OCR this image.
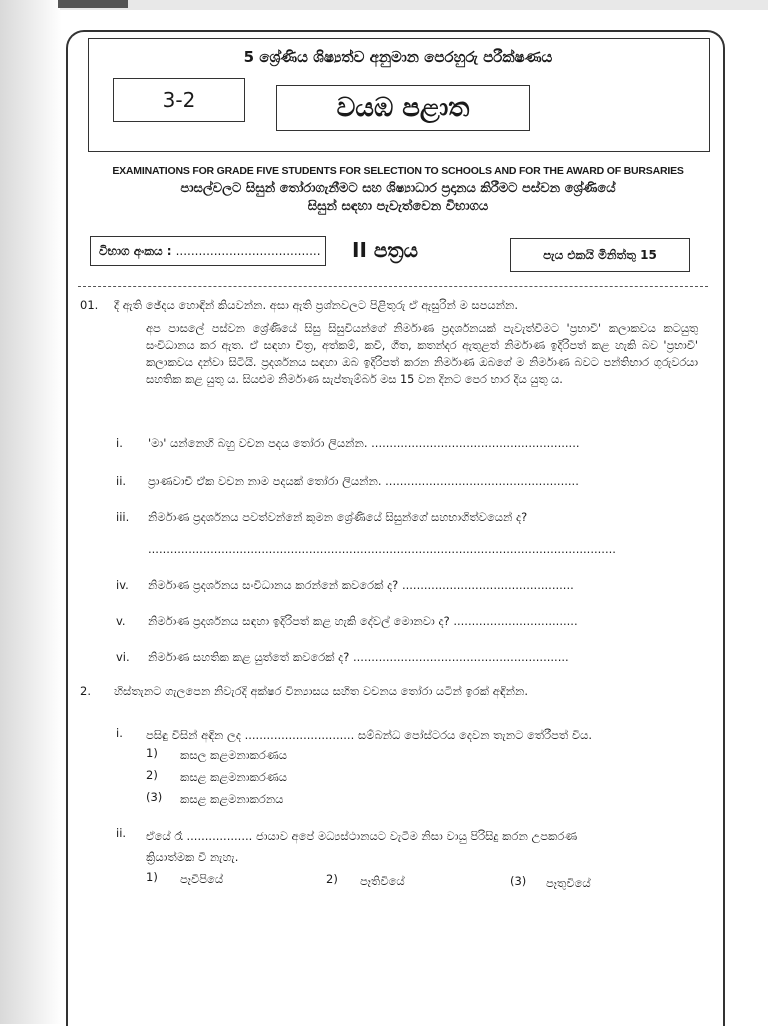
5 ශ්‍රේණිය ශිෂ්‍යත්ව අනුමාන පෙරහුරු පරීක්ෂණය
3-2	වයඹ පළාත
EXAMINATIONS FOR GRADE FIVE STUDENTS FOR SELECTION TO SCHOOLS AND FOR THE AWARD OF BURSARIES
පාසල්වලට සිසුන් තෝරාගැනීමට සහ ශිෂ්‍යාධාර ප්‍රදානය කිරීමට පස්වන ශ්‍රේණියේ
සිසුන් සඳහා පැවැත්වෙන විභාගය
විභාග අංකය : ...................................... II පත්‍රය	පැය එකයි මිනිත්තු 15
01. දී ඇති ඡේදය හොඳින් කියවන්න. අසා ඇති ප්‍රශ්නවලට පිළිතුරු ඒ ඇසුරින් ම සපයන්න.
අප පාසලේ පස්වන ශ්‍රේණියේ සිසු සිසුවියන්ගේ නිර්මාණ ප්‍රදර්ශනයක් පැවැත්වීමට 'ප්‍රභාවී' කලාකවය කටයුතු සංවිධානය කර ඇත. ඒ සඳහා චිත්‍ර, අත්කම්, කවි, ගීත, කතන්දර ඇතුළත් නිර්මාණ ඉදිරිපත් කළ හැකි බව 'ප්‍රභාවී' කලාකවය දන්වා සිටියි. ප්‍රදර්ශනය සඳහා ඔබ ඉදිරිපත් කරන නිර්මාණ ඔබගේ ම නිර්මාණ බවට පන්තිභාර ගුරුවරයා සහතික කළ යුතු ය. සියළුම නිර්මාණ සැප්තැම්බර් මස 15 වන දිනට පෙර භාර දිය යුතු ය.
i. 'මා' යන්නෙහි බහු වචන පදය තෝරා ලියන්න. .........................................................
ii. ප්‍රාණවාචී ඒක වචන නාම පදයක් තෝරා ලියන්න. .....................................................
iii. නිර්මාණ ප්‍රදර්ශනය පවත්වන්නේ කුමන ශ්‍රේණියේ සිසුන්ගේ සහභාගිත්වයෙන් ද?
................................................................................................................................
iv. නිර්මාණ ප්‍රදර්ශනය සංවිධානය කරන්නේ කවරෙක් ද? ...............................................
v. නිර්මාණ ප්‍රදර්ශනය සඳහා ඉදිරිපත් කළ හැකි දේවල් මොනවා ද? ..................................
vi. නිර්මාණ සහතික කළ යුත්තේ කවරෙක් ද? ...........................................................
2. හිස්තැනට ගැලපෙන නිවැරදි අක්ෂර වින්‍යාසය සහිත වචනය තෝරා යටින් ඉරක් අඳින්න.
i. පසිඳු විසින් අඳින ලද .............................. සම්බන්ධ පෝස්ටරය දෙවන තැනට තේරීපත් විය.
1) කසල කළමනාකරණය
2) කසළ කළමනාකරණය
(3) කසළ කළමනාකරනය
ii. ඒයේ රෑ .................. ජායාව අපේ මධ්‍යස්ථානයට වැටීම නිසා වායු පිරිසිදු කරන උපකරණ
ක්‍රියාත්මක වී නැහැ.
1) පෑවීපියේ	2) පෑතිවියේ	(3) පෑතුවියේ
